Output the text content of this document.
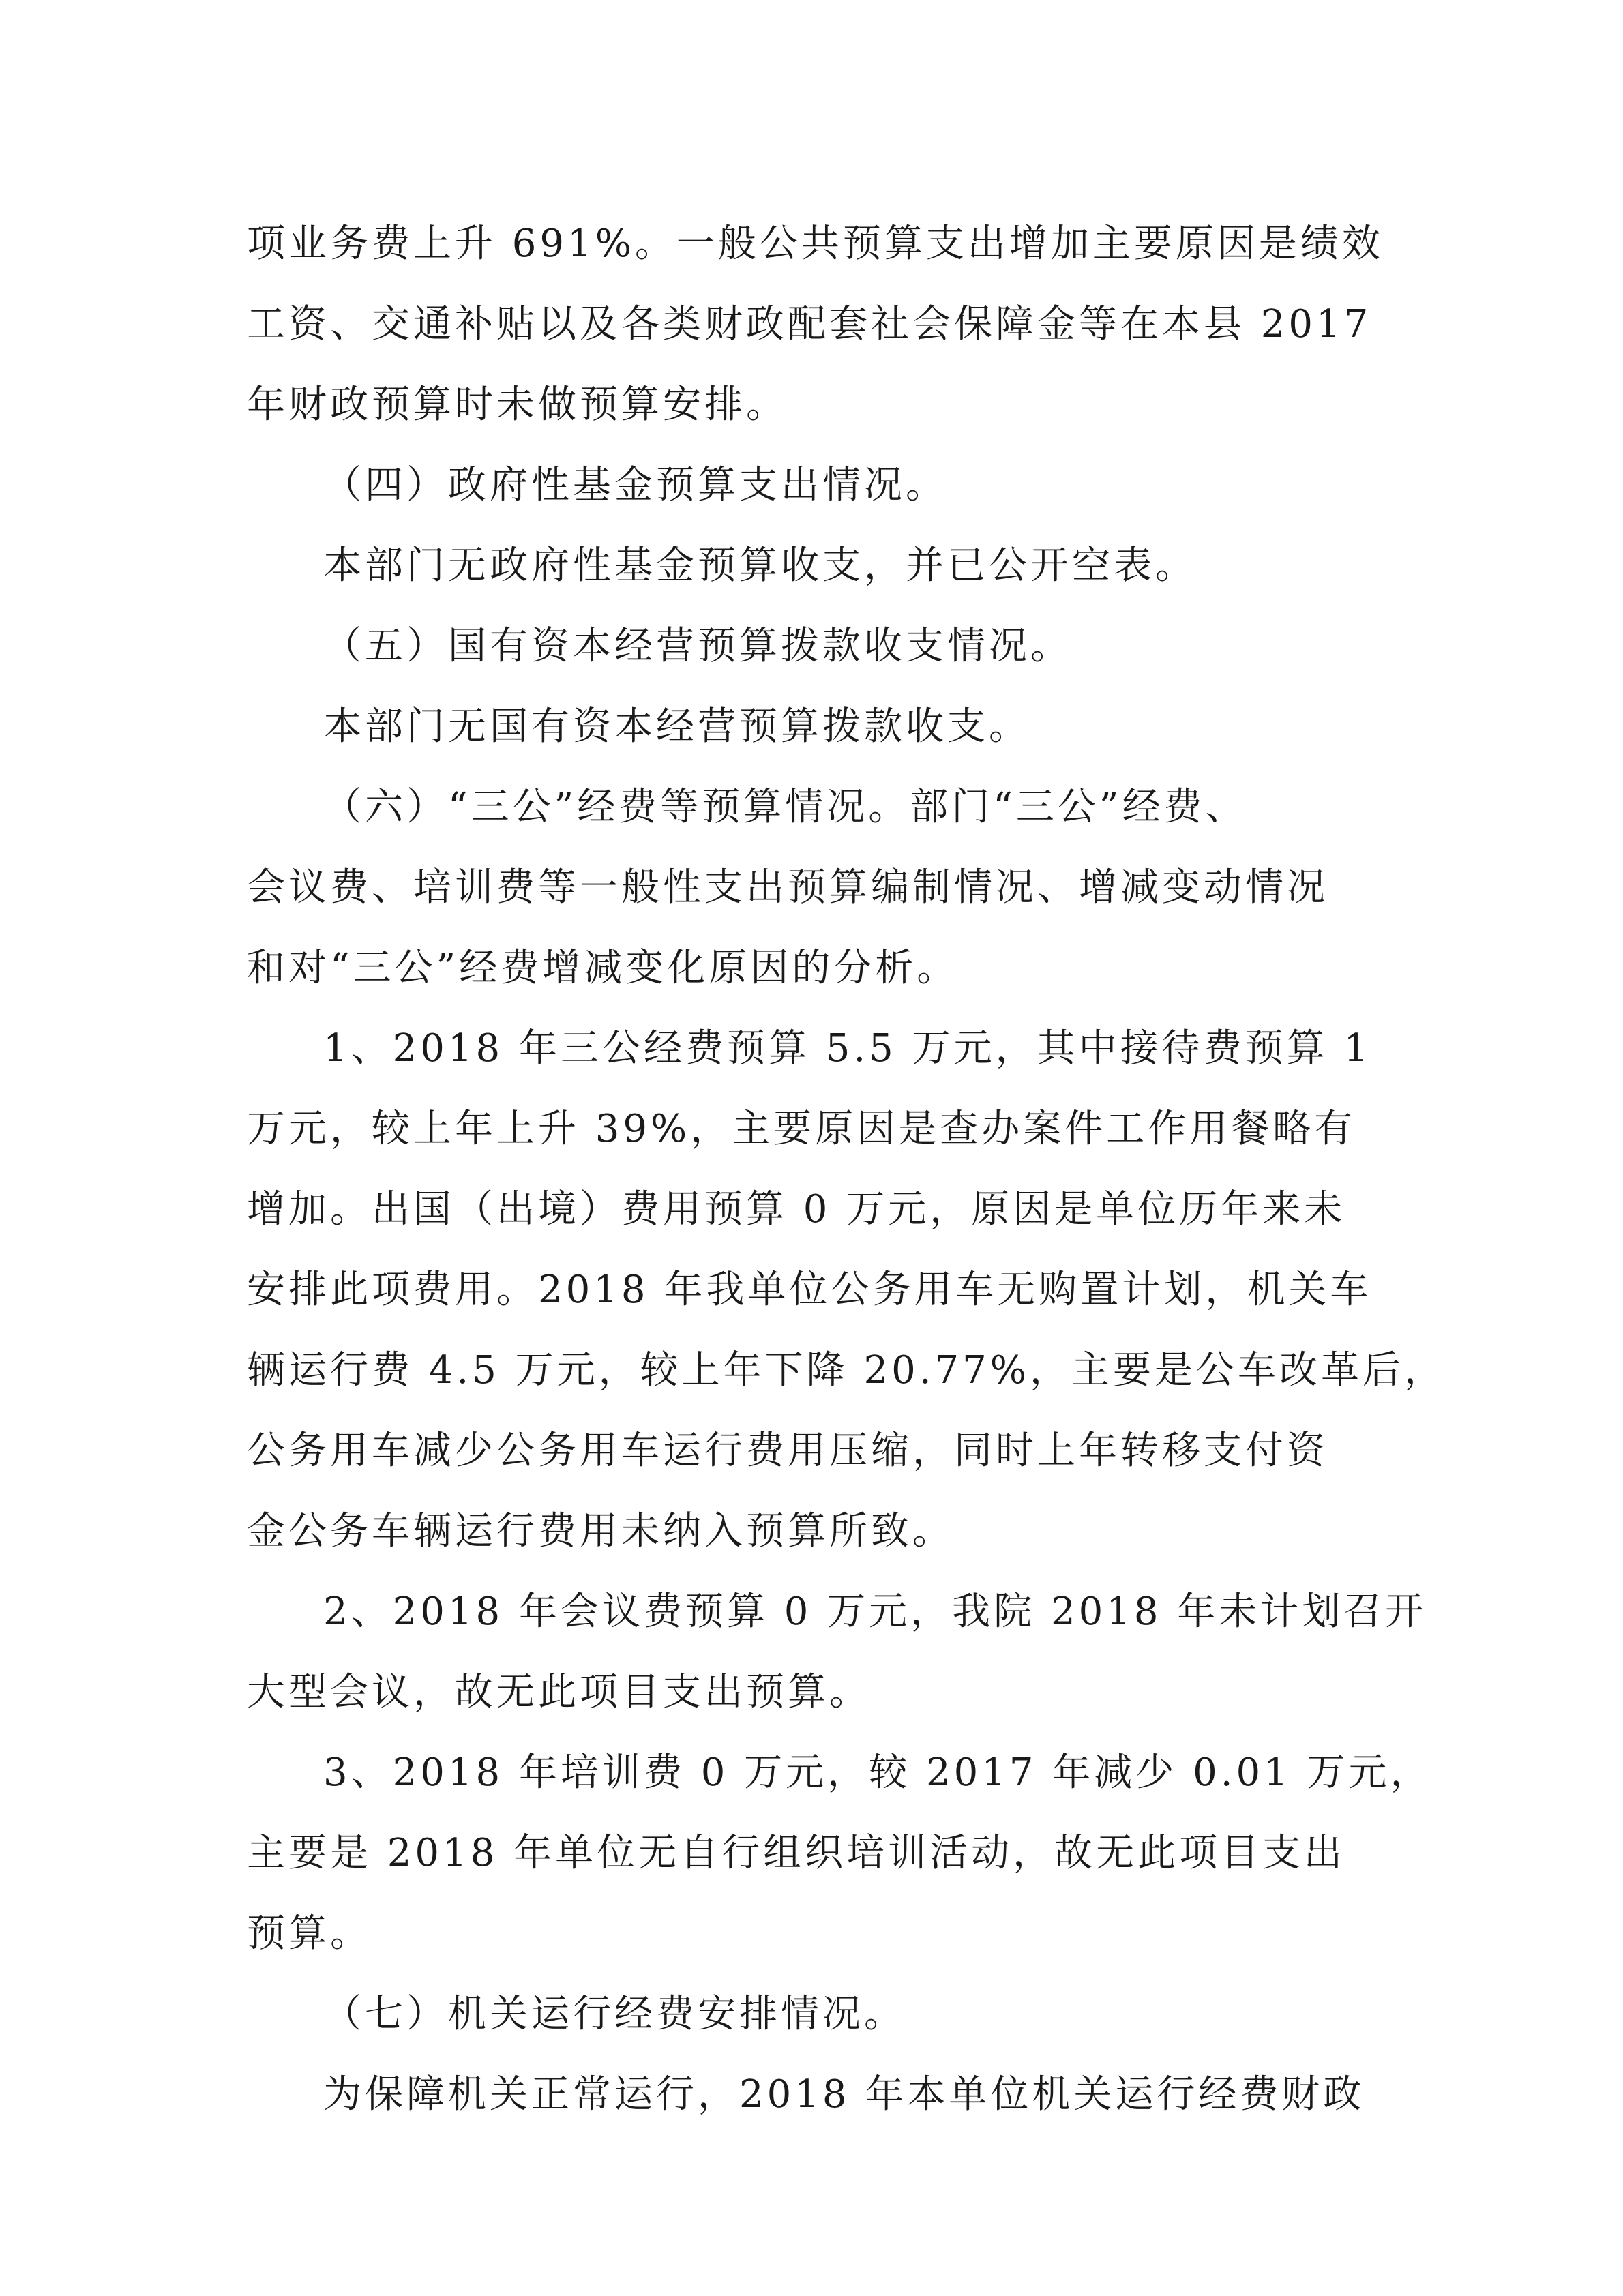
项业务费上升 691%。一般公共预算支出增加主要原因是绩效
工资、交通补贴以及各类财政配套社会保障金等在本县 2017
年财政预算时未做预算安排。
（四）政府性基金预算支出情况。
本部门无政府性基金预算收支，并已公开空表。
（五）国有资本经营预算拨款收支情况。
本部门无国有资本经营预算拨款收支。
（六）“三公”经费等预算情况。部门“三公”经费、
会议费、培训费等一般性支出预算编制情况、增减变动情况
和对“三公”经费增减变化原因的分析。
1、2018 年三公经费预算 5.5 万元，其中接待费预算 1
万元，较上年上升 39%，主要原因是查办案件工作用餐略有
增加。出国（出境）费用预算 0 万元，原因是单位历年来未
安排此项费用。2018 年我单位公务用车无购置计划，机关车
辆运行费 4.5 万元，较上年下降 20.77%，主要是公车改革后，
公务用车减少公务用车运行费用压缩，同时上年转移支付资
金公务车辆运行费用未纳入预算所致。
2、2018 年会议费预算 0 万元，我院 2018 年未计划召开
大型会议，故无此项目支出预算。
3、2018 年培训费 0 万元，较 2017 年减少 0.01 万元，
主要是 2018 年单位无自行组织培训活动，故无此项目支出
预算。
（七）机关运行经费安排情况。
为保障机关正常运行，2018 年本单位机关运行经费财政
